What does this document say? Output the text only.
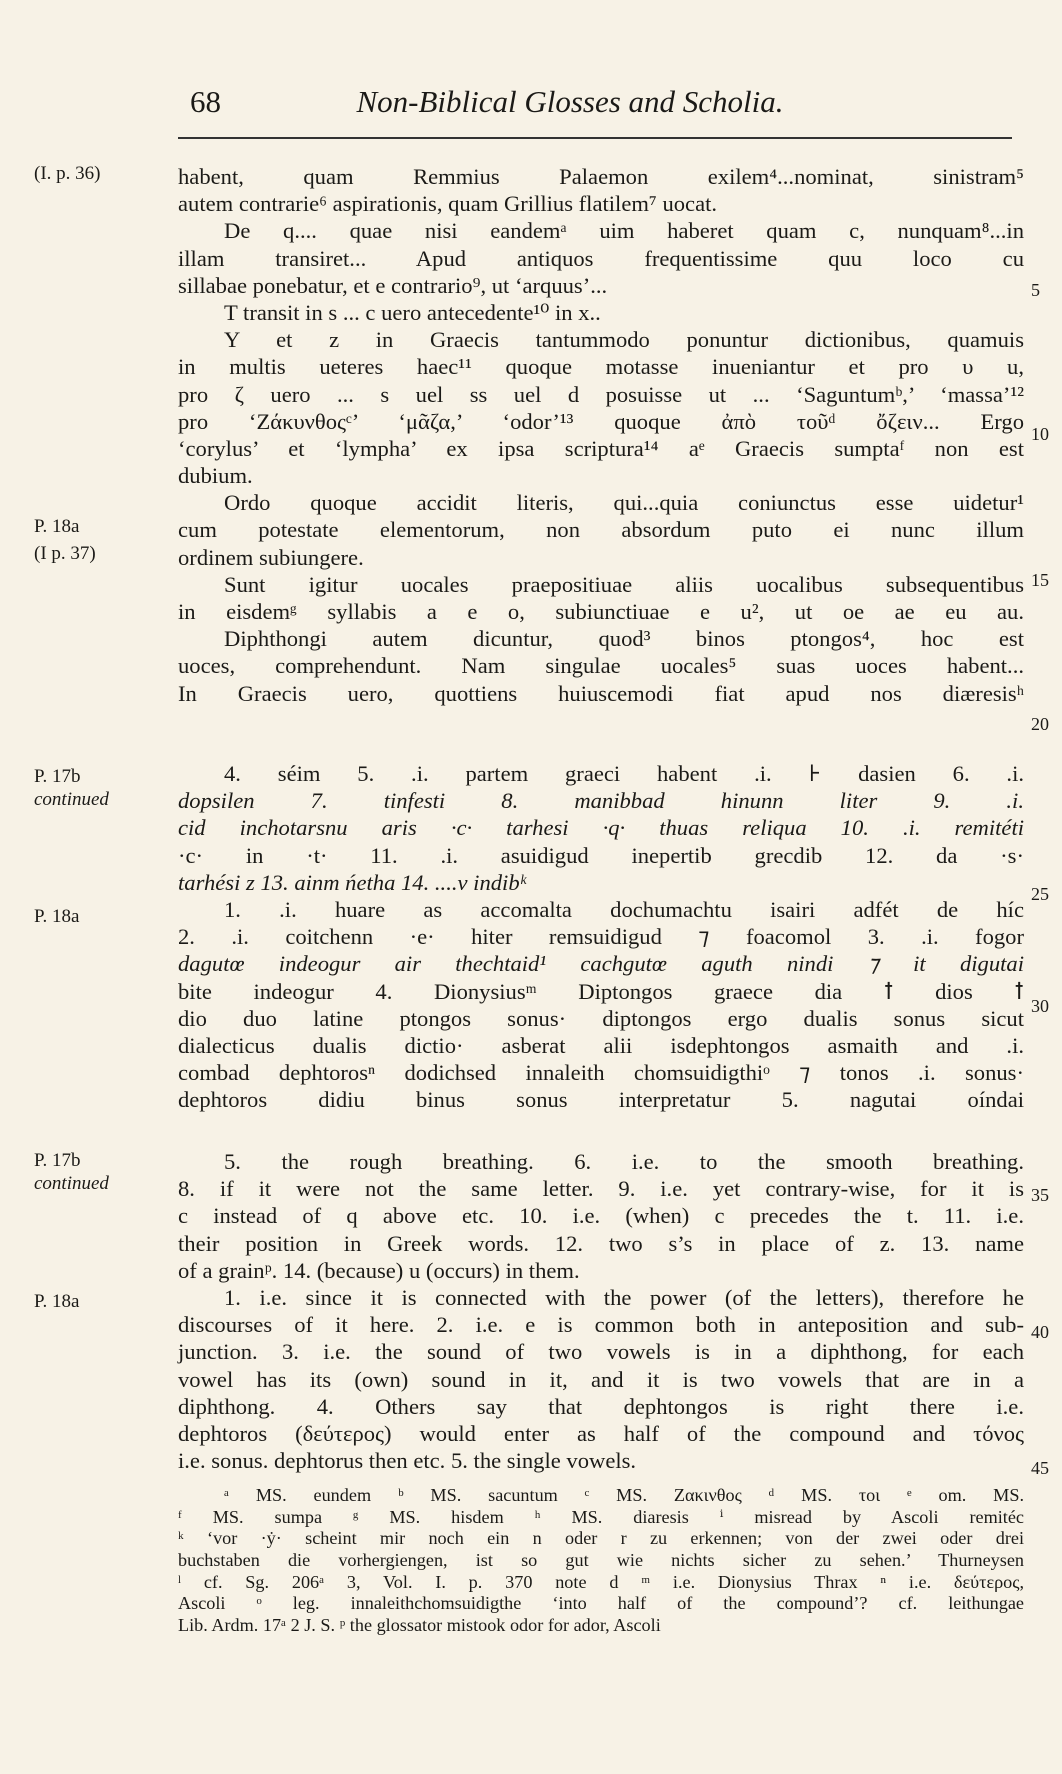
68	Non-Biblical Glosses and Scholia.
(I. p. 36)
P. 18a
(I p. 37)
P. 17b
continued
P. 18a
P. 17b
continued
P. 18a
5
10
15
20
25
30
35
40
45
habent, quam Remmius Palaemon exilem⁴...nominat, sinistram⁵
autem contrarie⁶ aspirationis, quam Grillius flatilem⁷ uocat.
De q.... quae nisi eandemᵃ uim haberet quam c, nunquam⁸...in
illam transiret... Apud antiquos frequentissime quu loco cu
sillabae ponebatur, et e contrario⁹, ut ‘arquus’...
T transit in s ... c uero antecedente¹⁰ in x..
Y et z in Graecis tantummodo ponuntur dictionibus, quamuis
in multis ueteres haec¹¹ quoque motasse inueniantur et pro υ u,
pro ζ uero ... s uel ss uel d posuisse ut ... ‘Saguntumᵇ,’ ‘massa’¹²
pro ‘Ζάκυνθοςᶜ’ ‘μᾶζα,’ ‘odor’¹³ quoque ἀπὸ τοῦᵈ ὄζειν... Ergo
‘corylus’ et ‘lympha’ ex ipsa scriptura¹⁴ aᵉ Graecis sumptaᶠ non est
dubium.
Ordo quoque accidit literis, qui...quia coniunctus esse uidetur¹
cum potestate elementorum, non absordum puto ei nunc illum
ordinem subiungere.
Sunt igitur uocales praepositiuae aliis uocalibus subsequentibus
in eisdemᵍ syllabis a e o, subiunctiuae e u², ut oe ae eu au.
Diphthongi autem dicuntur, quod³ binos ptongos⁴, hoc est
uoces, comprehendunt. Nam singulae uocales⁵ suas uoces habent...
In Graecis uero, quottiens huiuscemodi fiat apud nos diæresisʰ
4. séim 5. .i. partem graeci habent .i. ⊦ dasien 6. .i.
dopsilen 7. tinfesti 8. manibbad hinunn liter 9. .i.
cid inchotarsnu aris ·c· tarhesi ·q· thuas reliqua 10. .i. remitéti
·c· in ·t· 11. .i. asuidigud inepertib grecdib 12. da ·s·
tarhési z 13. ainm ńetha 14. ....v indibᵏ
1. .i. huare as accomalta dochumachtu isairi adfét de híc
2. .i. coitchenn ·e· hiter remsuidigud ⁊ foacomol 3. .i. fogor
dagutœ indeogur air thechtaid¹ cachgutœ aguth nindi ⁊ it digutai
bite indeogur 4. Dionysiusᵐ Diptongos graece dia ꝉ dios ꝉ
dio duo latine ptongos sonus· diptongos ergo dualis sonus sicut
dialecticus dualis dictio· asberat alii isdephtongos asmaith and .i.
combad dephtorosⁿ dodichsed innaleith chomsuidigthiᵒ ⁊ tonos .i. sonus·
dephtoros didiu binus sonus interpretatur 5. nagutai oíndai
5. the rough breathing. 6. i.e. to the smooth breathing.
8. if it were not the same letter. 9. i.e. yet contrary-wise, for it is
c instead of q above etc. 10. i.e. (when) c precedes the t. 11. i.e.
their position in Greek words. 12. two s’s in place of z. 13. name
of a grainᵖ. 14. (because) u (occurs) in them.
1. i.e. since it is connected with the power (of the letters), therefore he
discourses of it here. 2. i.e. e is common both in anteposition and sub-
junction. 3. i.e. the sound of two vowels is in a diphthong, for each
vowel has its (own) sound in it, and it is two vowels that are in a
diphthong. 4. Others say that dephtongos is right there i.e.
dephtoros (δεύτερος) would enter as half of the compound and τόνος
i.e. sonus. dephtorus then etc. 5. the single vowels.
ᵃ MS. eundem ᵇ MS. sacuntum ᶜ MS. Ζακινθος ᵈ MS. τοι ᵉ om. MS.
ᶠ MS. sumpa ᵍ MS. hisdem ʰ MS. diaresis ⁱ misread by Ascoli remitéc
ᵏ ‘vor ·ẏ· scheint mir noch ein n oder r zu erkennen; von der zwei oder drei
buchstaben die vorhergiengen, ist so gut wie nichts sicher zu sehen.’ Thurneysen
ˡ cf. Sg. 206ᵃ 3, Vol. I. p. 370 note d ᵐ i.e. Dionysius Thrax ⁿ i.e. δεύτερος,
Ascoli ᵒ leg. innaleithchomsuidigthe ‘into half of the compound’? cf. leithungae
Lib. Ardm. 17ᵃ 2 J. S. ᵖ the glossator mistook odor for ador, Ascoli
